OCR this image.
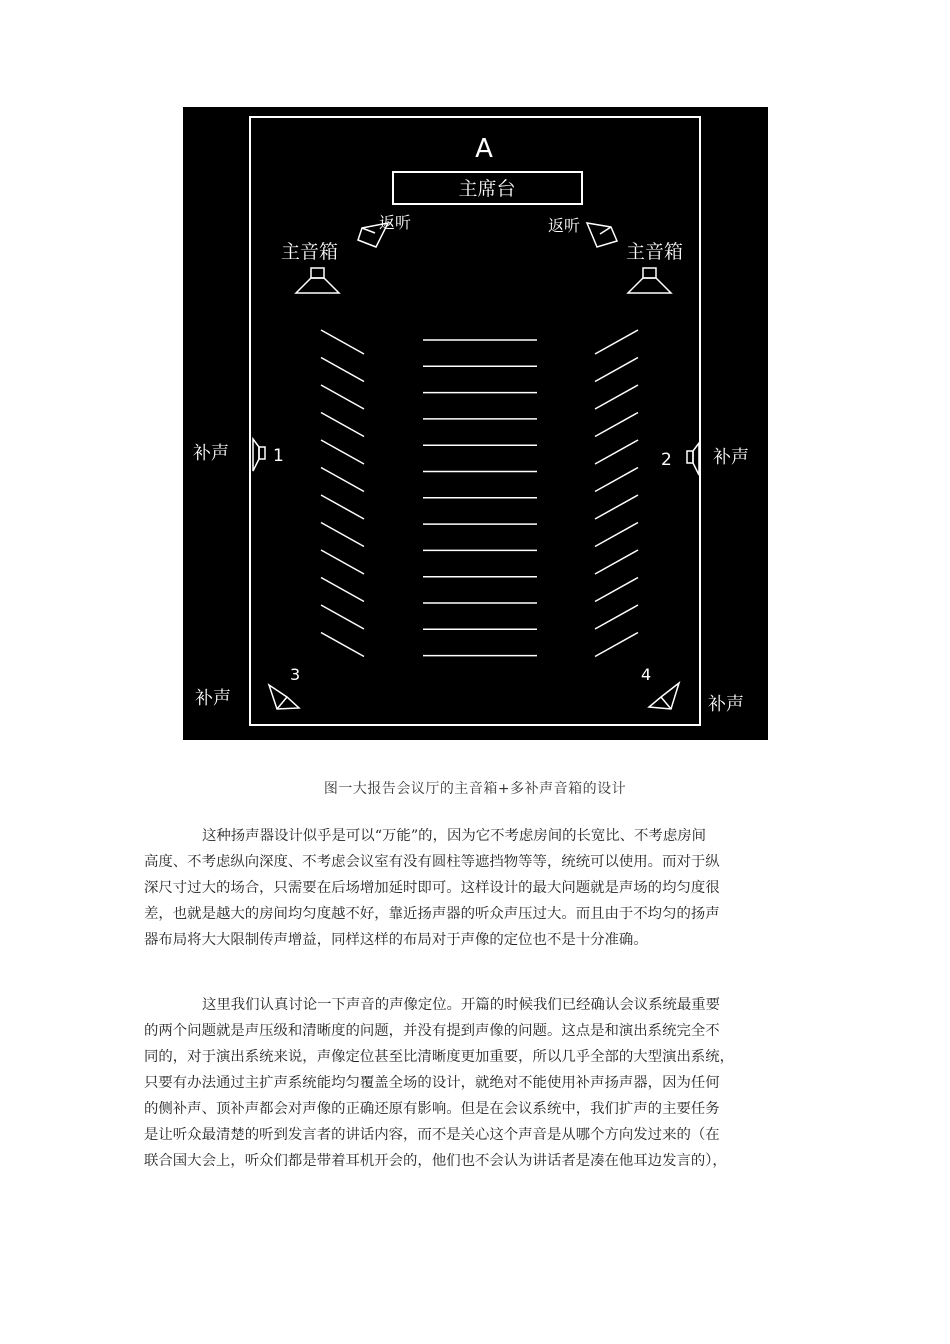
A
主席台
返听	返听
主音箱	主音箱
补声	1	补声
2
3
补声
4
补声
图一大报告会议厅的主音箱+多补声音箱的设计

这种扬声器设计似乎是可以“万能”的，因为它不考虑房间的长宽比、不考虑房间
高度、不考虑纵向深度、不考虑会议室有没有圆柱等遮挡物等等，统统可以使用。而对于纵
深尺寸过大的场合，只需要在后场增加延时即可。这样设计的最大问题就是声场的均匀度很
差，也就是越大的房间均匀度越不好，靠近扬声器的听众声压过大。而且由于不均匀的扬声
器布局将大大限制传声增益，同样这样的布局对于声像的定位也不是十分准确。

这里我们认真讨论一下声音的声像定位。开篇的时候我们已经确认会议系统最重要
的两个问题就是声压级和清晰度的问题，并没有提到声像的问题。这点是和演出系统完全不
同的，对于演出系统来说，声像定位甚至比清晰度更加重要，所以几乎全部的大型演出系统，
只要有办法通过主扩声系统能均匀覆盖全场的设计，就绝对不能使用补声扬声器，因为任何
的侧补声、顶补声都会对声像的正确还原有影响。但是在会议系统中，我们扩声的主要任务
是让听众最清楚的听到发言者的讲话内容，而不是关心这个声音是从哪个方向发过来的（在
联合国大会上，听众们都是带着耳机开会的，他们也不会认为讲话者是凑在他耳边发言的），
